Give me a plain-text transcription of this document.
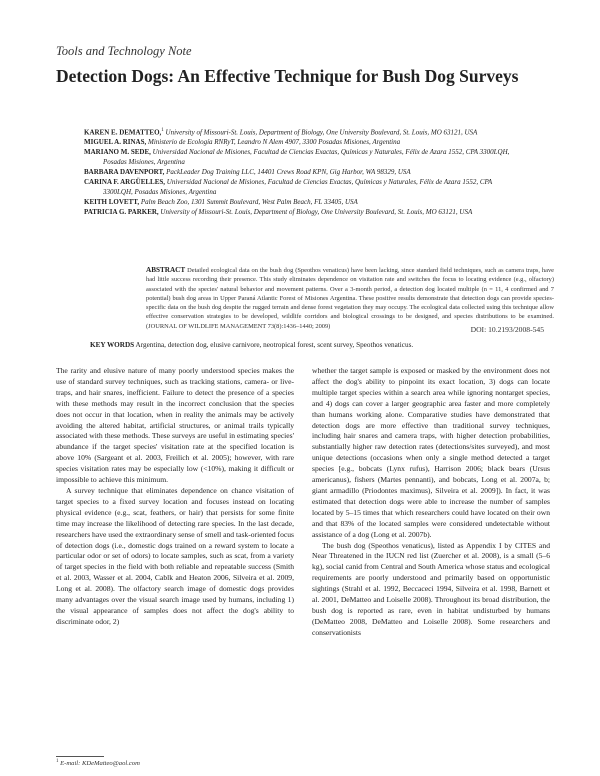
Tools and Technology Note
Detection Dogs: An Effective Technique for Bush Dog Surveys

KAREN E. DEMATTEO,$^1$ University of Missouri-St. Louis, Department of Biology, One University Boulevard, St. Louis, MO 63121, USA

MIGUEL A. RINAS, Ministerio de Ecología RNRyT, Leandro N Alem 4907, 3300 Posadas Misiones, Argentina

MARIANO M. SEDE, Universidad Nacional de Misiones, Facultad de Ciencias Exactas, Químicas y Naturales, Félix de Azara 1552, CPA 3300LQH,
Posadas Misiones, Argentina

BARBARA DAVENPORT, PackLeader Dog Training LLC, 14401 Crews Road KPN, Gig Harbor, WA 98329, USA

CARINA F. ARGÜELLES, Universidad Nacional de Misiones, Facultad de Ciencias Exactas, Químicas y Naturales, Félix de Azara 1552, CPA
3300LQH, Posadas Misiones, Argentina

KEITH LOVETT, Palm Beach Zoo, 1301 Summit Boulevard, West Palm Beach, FL 33405, USA

PATRICIA G. PARKER, University of Missouri-St. Louis, Department of Biology, One University Boulevard, St. Louis, MO 63121, USA

ABSTRACT Detailed ecological data on the bush dog (Speothos venaticus) have been lacking, since standard field techniques, such as camera traps, have had little success recording their presence. This study eliminates dependence on visitation rate and switches the focus to locating evidence (e.g., olfactory) associated with the species' natural behavior and movement patterns. Over a 3-month period, a detection dog located multiple (n = 11, 4 confirmed and 7 potential) bush dog areas in Upper Paraná Atlantic Forest of Misiones Argentina. These positive results demonstrate that detection dogs can provide species-specific data on the bush dog despite the rugged terrain and dense forest vegetation they may occupy. The ecological data collected using this technique allow effective conservation strategies to be developed, wildlife corridors and biological crossings to be designed, and species distributions to be examined. (JOURNAL OF WILDLIFE MANAGEMENT 73(8):1436–1440; 2009)	DOI: 10.2193/2008-545
KEY WORDS Argentina, detection dog, elusive carnivore, neotropical forest, scent survey, Speothos venaticus.

The rarity and elusive nature of many poorly understood species makes the use of standard survey techniques, such as tracking stations, camera- or live-traps, and hair snares, inefficient. Failure to detect the presence of a species with these methods may result in the incorrect conclusion that the species does not occur in that location, when in reality the animals may be actively avoiding the altered habitat, artificial structures, or animal trails typically associated with these methods. These surveys are useful in estimating species' abundance if the target species' visitation rate at the specified location is above 10% (Sargeant et al. 2003, Freilich et al. 2005); however, with rare species visitation rates may be especially low (<10%), making it difficult or impossible to achieve this minimum.

A survey technique that eliminates dependence on chance visitation of target species to a fixed survey location and focuses instead on locating physical evidence (e.g., scat, feathers, or hair) that persists for some finite time may increase the likelihood of detecting rare species. In the last decade, researchers have used the extraordinary sense of smell and task-oriented focus of detection dogs (i.e., domestic dogs trained on a reward system to locate a particular odor or set of odors) to locate samples, such as scat, from a variety of target species in the field with both reliable and repeatable success (Smith et al. 2003, Wasser et al. 2004, Cablk and Heaton 2006, Silveira et al. 2009, Long et al. 2008). The olfactory search image of domestic dogs provides many advantages over the visual search image used by humans, including 1) the visual appearance of samples does not affect the dog's ability to discriminate odor, 2)

whether the target sample is exposed or masked by the environment does not affect the dog's ability to pinpoint its exact location, 3) dogs can locate multiple target species within a search area while ignoring nontarget species, and 4) dogs can cover a larger geographic area faster and more completely than humans working alone. Comparative studies have demonstrated that detection dogs are more effective than traditional survey techniques, including hair snares and camera traps, with higher detection probabilities, substantially higher raw detection rates (detections/sites surveyed), and most unique detections (occasions when only a single method detected a target species [e.g., bobcats (Lynx rufus), Harrison 2006; black bears (Ursus americanus), fishers (Martes pennanti), and bobcats, Long et al. 2007a, b; giant armadillo (Priodontes maximus), Silveira et al. 2009]). In fact, it was estimated that detection dogs were able to increase the number of samples located by 5–15 times that which researchers could have located on their own and that 83% of the located samples were considered undetectable without assistance of a dog (Long et al. 2007b).

The bush dog (Speothos venaticus), listed as Appendix I by CITES and Near Threatened in the IUCN red list (Zuercher et al. 2008), is a small (5–6 kg), social canid from Central and South America whose status and ecological requirements are poorly understood and primarily based on opportunistic sightings (Strahl et al. 1992, Beccaceci 1994, Silveira et al. 1998, Barnett et al. 2001, DeMatteo and Loiselle 2008). Throughout its broad distribution, the bush dog is reported as rare, even in habitat undisturbed by humans (DeMatteo 2008, DeMatteo and Loiselle 2008). Some researchers and conservationists

$^1$ E-mail: KDeMatteo@aol.com
